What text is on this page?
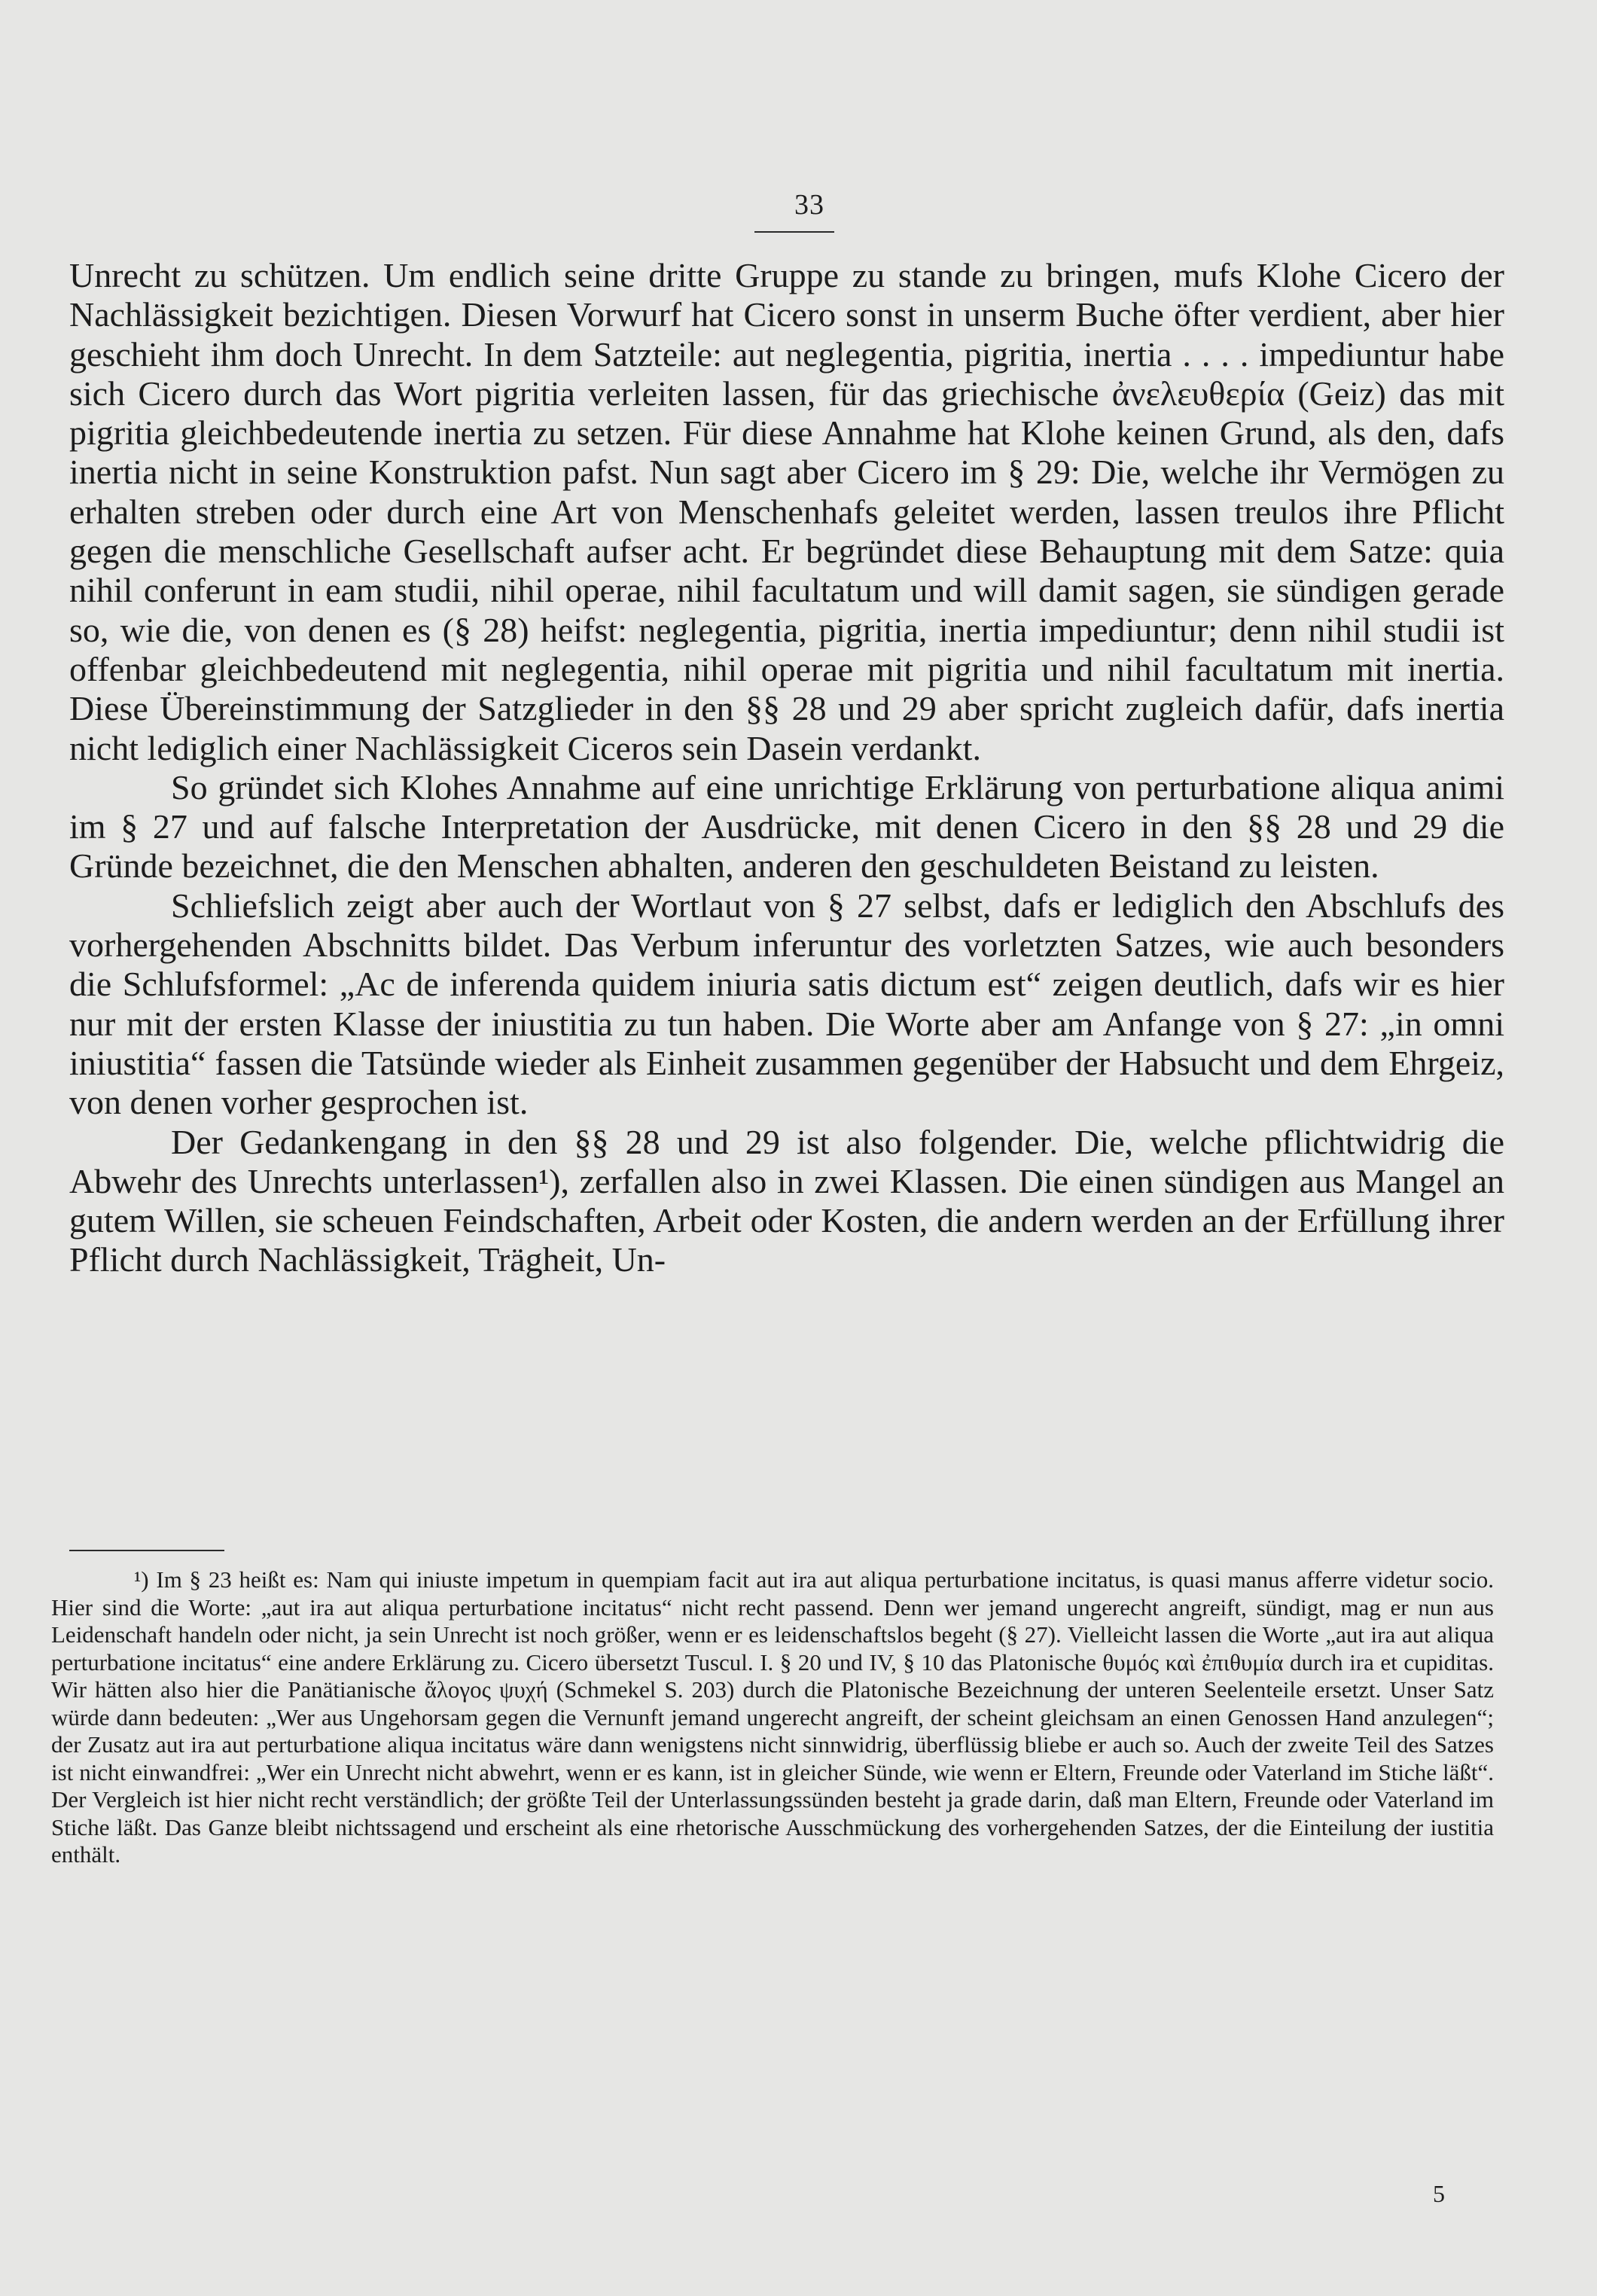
33

Unrecht zu schützen. Um endlich seine dritte Gruppe zu stande zu bringen, mufs Klohe Cicero der Nachlässigkeit bezichtigen. Diesen Vorwurf hat Cicero sonst in unserm Buche öfter verdient, aber hier geschieht ihm doch Unrecht. In dem Satzteile: aut neglegentia, pigritia, inertia . . . . impediuntur habe sich Cicero durch das Wort pigritia verleiten lassen, für das griechische ἀνελευθερία (Geiz) das mit pigritia gleichbedeutende inertia zu setzen. Für diese Annahme hat Klohe keinen Grund, als den, dafs inertia nicht in seine Konstruktion pafst. Nun sagt aber Cicero im § 29: Die, welche ihr Vermögen zu erhalten streben oder durch eine Art von Menschenhafs geleitet werden, lassen treulos ihre Pflicht gegen die menschliche Gesellschaft aufser acht. Er begründet diese Behauptung mit dem Satze: quia nihil conferunt in eam studii, nihil operae, nihil facultatum und will damit sagen, sie sündigen gerade so, wie die, von denen es (§ 28) heifst: neglegentia, pigritia, inertia impediuntur; denn nihil studii ist offenbar gleichbedeutend mit neglegentia, nihil operae mit pigritia und nihil facultatum mit inertia. Diese Übereinstimmung der Satzglieder in den §§ 28 und 29 aber spricht zugleich dafür, dafs inertia nicht lediglich einer Nachlässigkeit Ciceros sein Dasein verdankt.

So gründet sich Klohes Annahme auf eine unrichtige Erklärung von perturbatione aliqua animi im § 27 und auf falsche Interpretation der Ausdrücke, mit denen Cicero in den §§ 28 und 29 die Gründe bezeichnet, die den Menschen abhalten, anderen den geschuldeten Beistand zu leisten.

Schliefslich zeigt aber auch der Wortlaut von § 27 selbst, dafs er lediglich den Abschlufs des vorhergehenden Abschnitts bildet. Das Verbum inferuntur des vorletzten Satzes, wie auch besonders die Schlufsformel: „Ac de inferenda quidem iniuria satis dictum est“ zeigen deutlich, dafs wir es hier nur mit der ersten Klasse der iniustitia zu tun haben. Die Worte aber am Anfange von § 27: „in omni iniustitia“ fassen die Tatsünde wieder als Einheit zusammen gegenüber der Habsucht und dem Ehrgeiz, von denen vorher gesprochen ist.

Der Gedankengang in den §§ 28 und 29 ist also folgender. Die, welche pflichtwidrig die Abwehr des Unrechts unterlassen¹), zerfallen also in zwei Klassen. Die einen sündigen aus Mangel an gutem Willen, sie scheuen Feindschaften, Arbeit oder Kosten, die andern werden an der Erfüllung ihrer Pflicht durch Nachlässigkeit, Trägheit, Un-

¹) Im § 23 heißt es: Nam qui iniuste impetum in quempiam facit aut ira aut aliqua perturbatione incitatus, is quasi manus afferre videtur socio. Hier sind die Worte: „aut ira aut aliqua perturbatione incitatus“ nicht recht passend. Denn wer jemand ungerecht angreift, sündigt, mag er nun aus Leidenschaft handeln oder nicht, ja sein Unrecht ist noch größer, wenn er es leidenschaftslos begeht (§ 27). Vielleicht lassen die Worte „aut ira aut aliqua perturbatione incitatus“ eine andere Erklärung zu. Cicero übersetzt Tuscul. I. § 20 und IV, § 10 das Platonische θυμός καὶ ἐπιθυμία durch ira et cupiditas. Wir hätten also hier die Panätianische ἄλογος ψυχή (Schmekel S. 203) durch die Platonische Bezeichnung der unteren Seelenteile ersetzt. Unser Satz würde dann bedeuten: „Wer aus Ungehorsam gegen die Vernunft jemand ungerecht angreift, der scheint gleichsam an einen Genossen Hand anzulegen“; der Zusatz aut ira aut perturbatione aliqua incitatus wäre dann wenigstens nicht sinnwidrig, überflüssig bliebe er auch so. Auch der zweite Teil des Satzes ist nicht einwandfrei: „Wer ein Unrecht nicht abwehrt, wenn er es kann, ist in gleicher Sünde, wie wenn er Eltern, Freunde oder Vaterland im Stiche läßt“. Der Vergleich ist hier nicht recht verständlich; der größte Teil der Unterlassungssünden besteht ja grade darin, daß man Eltern, Freunde oder Vaterland im Stiche läßt. Das Ganze bleibt nichtssagend und erscheint als eine rhetorische Ausschmückung des vorhergehenden Satzes, der die Einteilung der iustitia enthält.

5
